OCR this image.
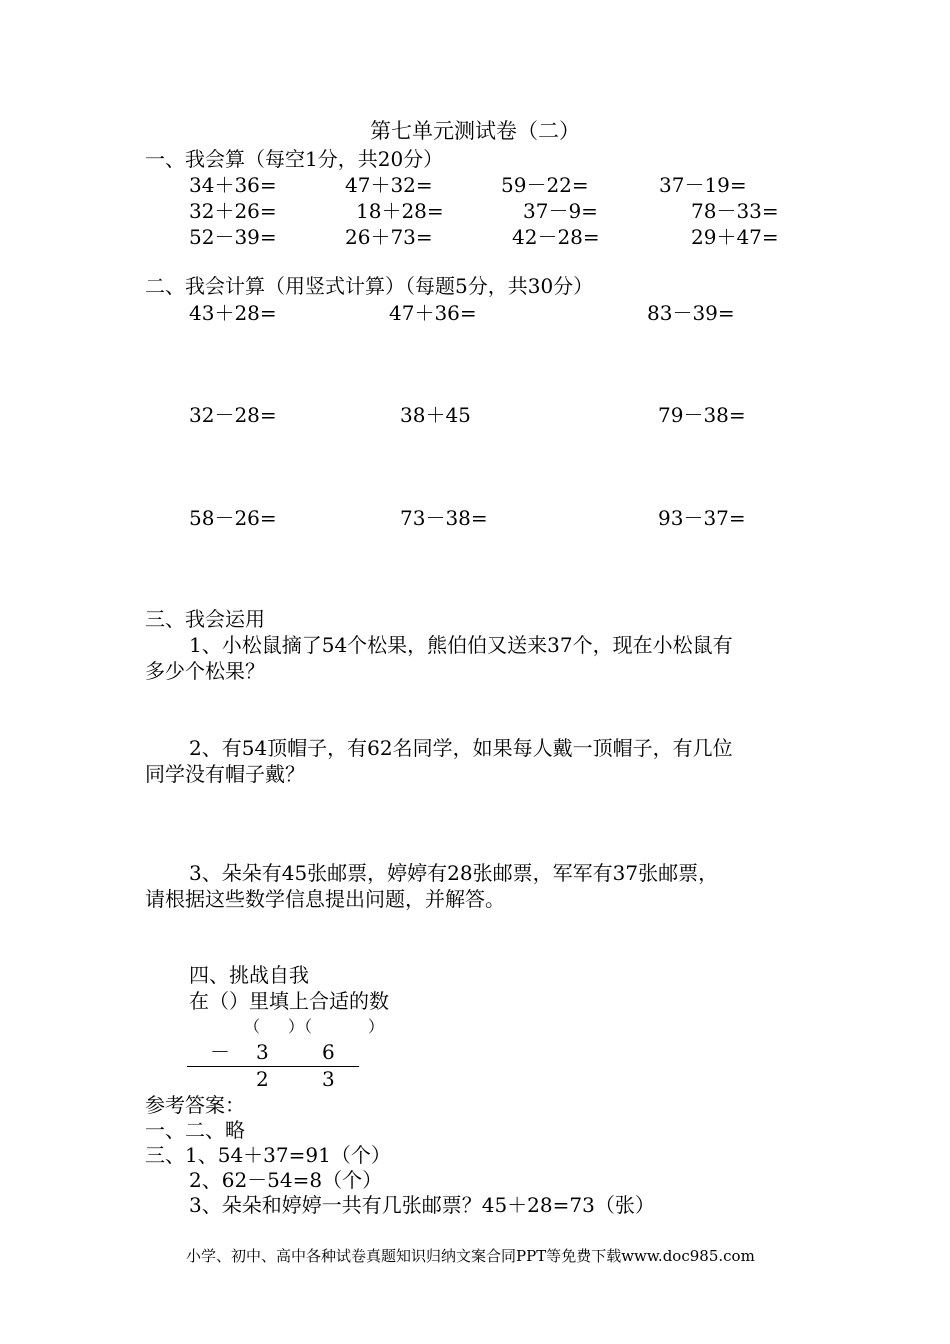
第七单元测试卷（二）
一、我会算（每空1分，共20分）
34＋36=	47＋32=	59－22=	37－19=
32＋26=	18＋28=	37－9=	78－33=
52－39=	26＋73=	42－28=	29＋47=
二、我会计算（用竖式计算）（每题5分，共30分）
43＋28=	47＋36=	83－39=
32－28=	38＋45	79－38=
58－26=	73－38=	93－37=
三、我会运用
1、小松鼠摘了54个松果，熊伯伯又送来37个，现在小松鼠有
多少个松果？
2、有54顶帽子，有62名同学，如果每人戴一顶帽子，有几位
同学没有帽子戴？
3、朵朵有45张邮票，婷婷有28张邮票，军军有37张邮票，
请根据这些数学信息提出问题，并解答。
四、挑战自我
在（）里填上合适的数
（ ）（	）
－ 3	6
2	3
参考答案：
一、二、略
三、1、54＋37=91（个）
2、62－54=8（个）
3、朵朵和婷婷一共有几张邮票？45＋28=73（张）
小学、初中、高中各种试卷真题知识归纳文案合同PPT等免费下载www.doc985.com
